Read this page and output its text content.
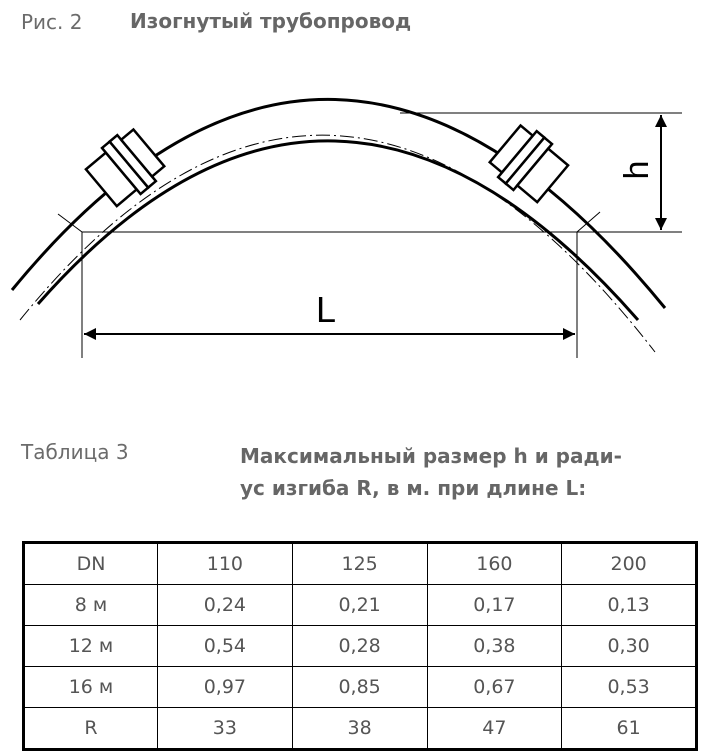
Рис. 2 Изогнутый трубопровод
L
h
Таблица 3	Максимальный размер h и ради-
ус изгиба R, в м. при длине L:
DN	110	125	160	200
8 м	0,24	0,21	0,17	0,13
12 м	0,54	0,28	0,38	0,30
16 м	0,97	0,85	0,67	0,53
R	33	38	47	61
